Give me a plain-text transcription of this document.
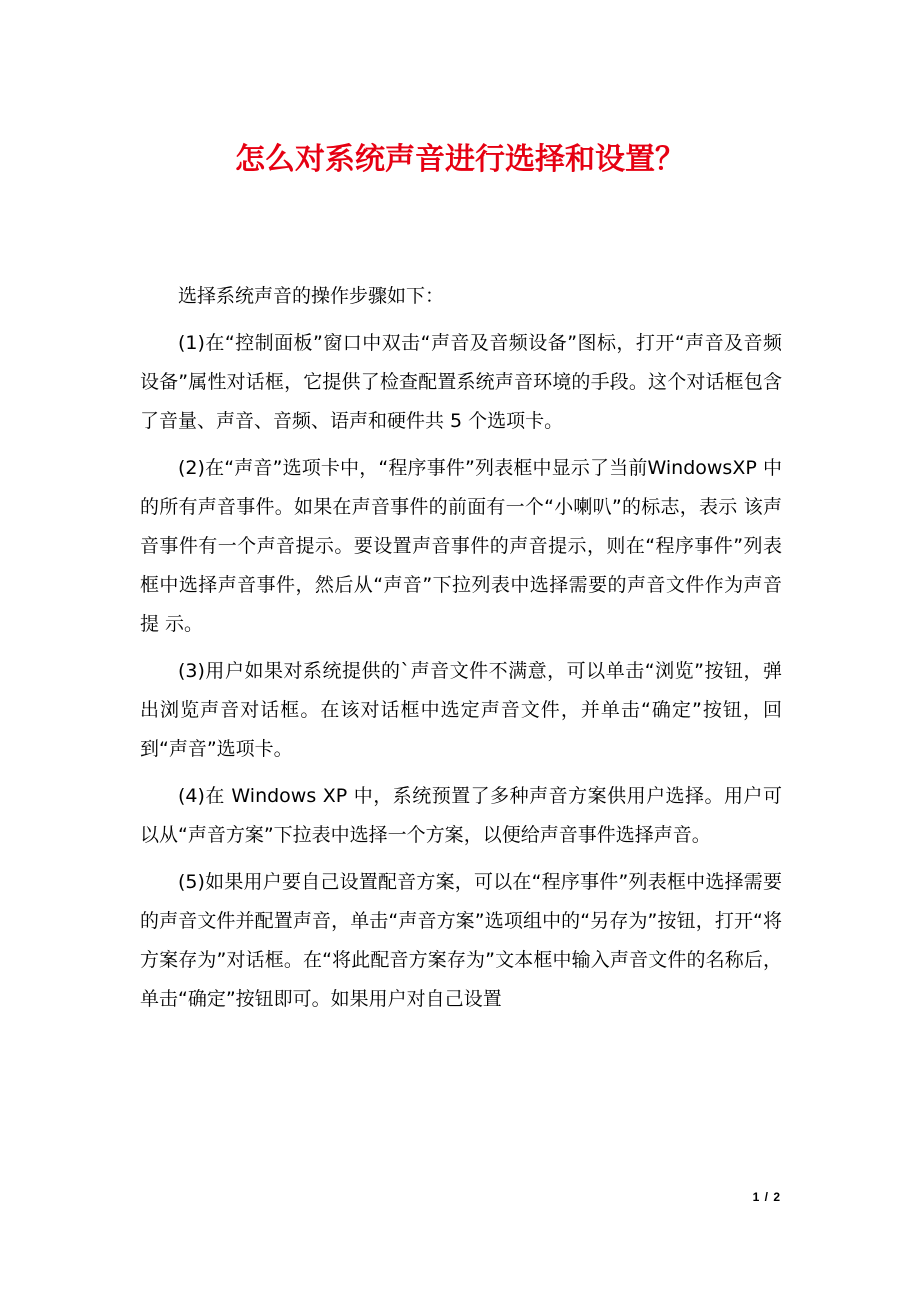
怎么对系统声音进行选择和设置？

选择系统声音的操作步骤如下：

(1)在“控制面板”窗口中双击“声音及音频设备”图标，打开“声音及音频设备”属性对话框，它提供了检查配置系统声音环境的手段。这个对话框包含了音量、声音、音频、语声和硬件共 5 个选项卡。

(2)在“声音”选项卡中，“程序事件”列表框中显示了当前WindowsXP 中的所有声音事件。如果在声音事件的前面有一个“小喇叭”的标志，表示 该声音事件有一个声音提示。要设置声音事件的声音提示，则在“程序事件”列表框中选择声音事件，然后从“声音”下拉列表中选择需要的声音文件作为声音提 示。

(3)用户如果对系统提供的`声音文件不满意，可以单击“浏览”按钮，弹出浏览声音对话框。在该对话框中选定声音文件，并单击“确定”按钮，回到“声音”选项卡。

(4)在 Windows XP 中，系统预置了多种声音方案供用户选择。用户可以从“声音方案”下拉表中选择一个方案，以便给声音事件选择声音。

(5)如果用户要自己设置配音方案，可以在“程序事件”列表框中选择需要的声音文件并配置声音，单击“声音方案”选项组中的“另存为”按钮，打开“将 方案存为”对话框。在“将此配音方案存为”文本框中输入声音文件的名称后，单击“确定”按钮即可。如果用户对自己设置

1 / 2
